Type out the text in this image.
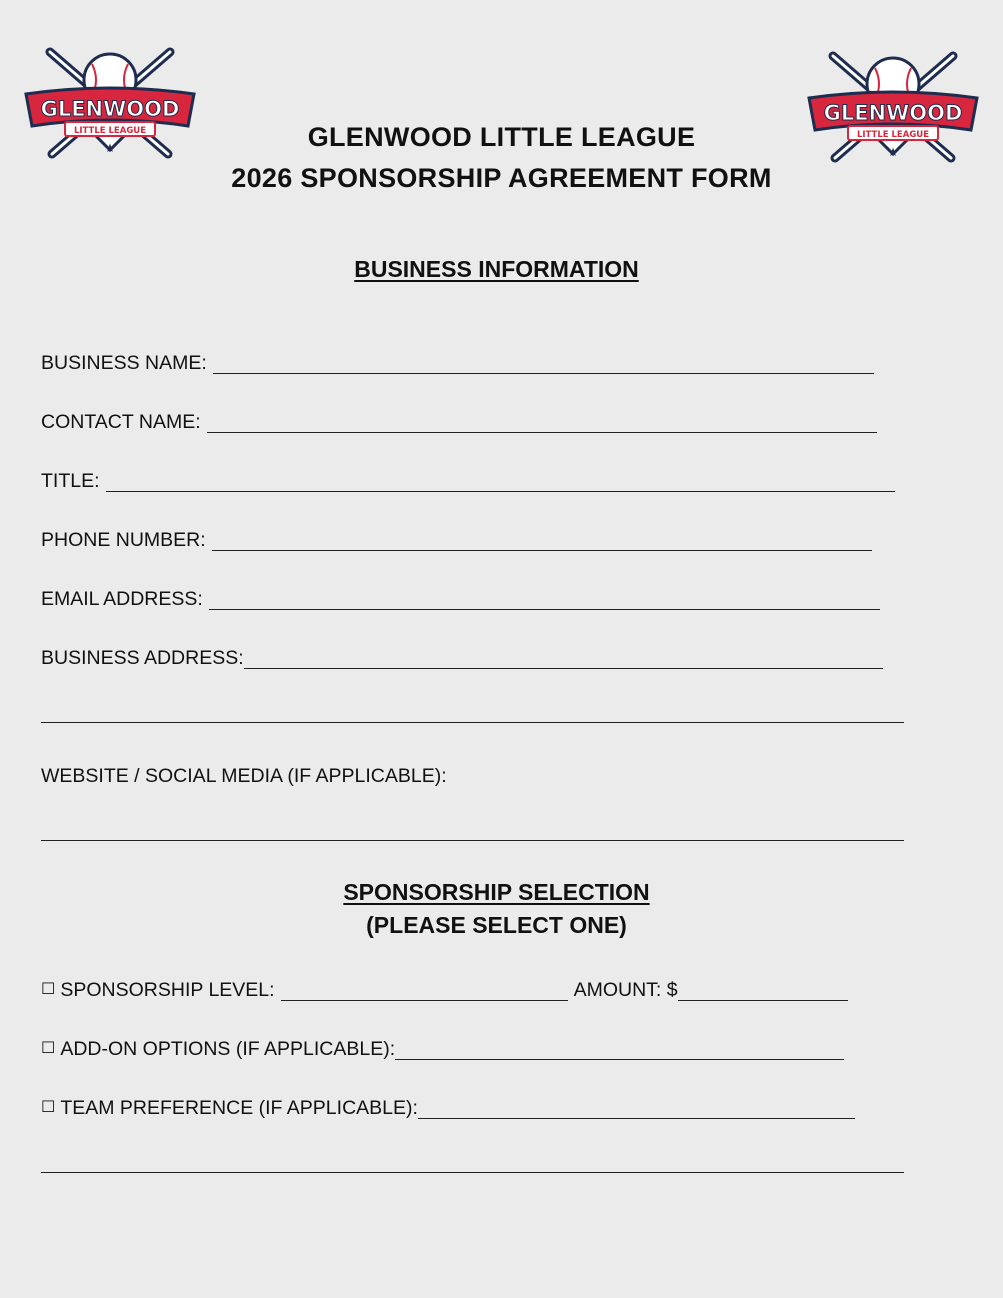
GLENWOOD
LITTLE LEAGUE
★
GLENWOOD
LITTLE LEAGUE
★
GLENWOOD LITTLE LEAGUE
2026 SPONSORSHIP AGREEMENT FORM
BUSINESS INFORMATION
BUSINESS NAME:
CONTACT NAME:
TITLE:
PHONE NUMBER:
EMAIL ADDRESS:
BUSINESS ADDRESS:
WEBSITE / SOCIAL MEDIA (IF APPLICABLE):
SPONSORSHIP SELECTION
(PLEASE SELECT ONE)
☐ SPONSORSHIP LEVEL:	AMOUNT: $
☐ ADD-ON OPTIONS (IF APPLICABLE):
☐ TEAM PREFERENCE (IF APPLICABLE):
